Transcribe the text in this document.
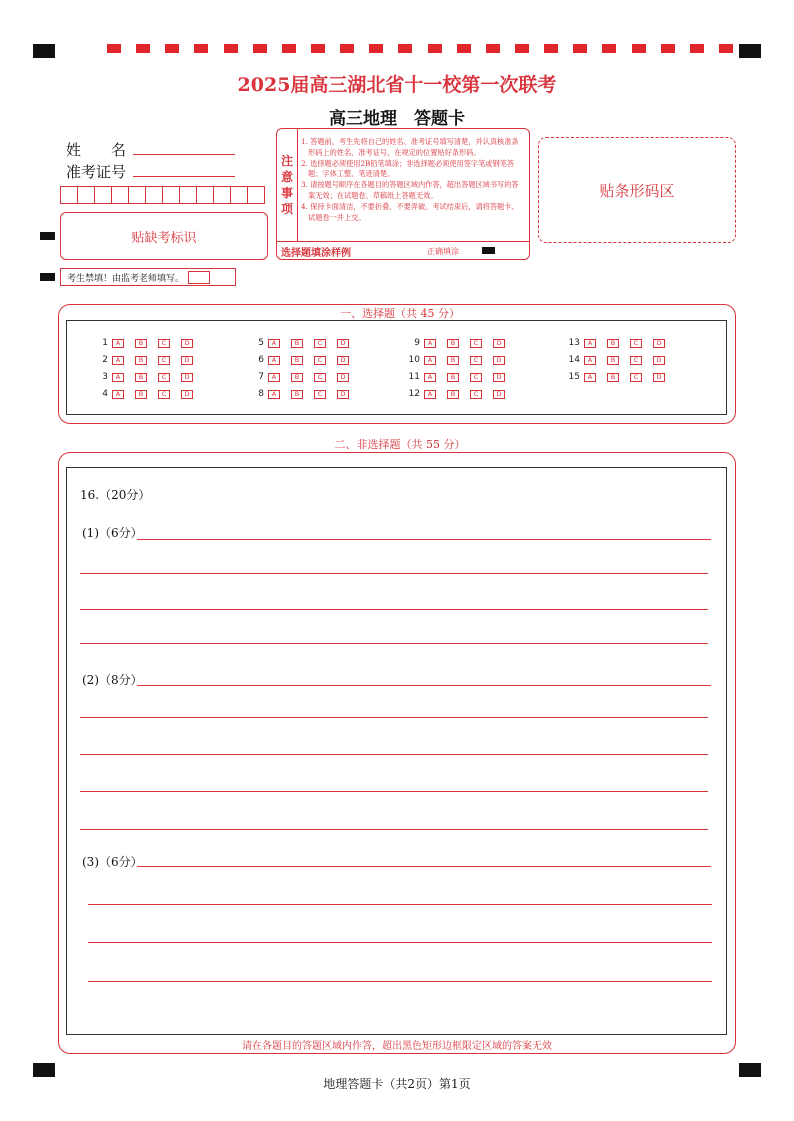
2025届高三湖北省十一校第一次联考
高三地理　答题卡
姓　　名
准考证号
贴缺考标识
考生禁填！由监考老师填写。
注
意
事
项

1. 答题前，考生先将自己的姓名、准考证号填写清楚，并认真核准条形码上的姓名、准考证号，在规定的位置贴好条形码。

2. 选择题必须使用2B铅笔填涂；非选择题必须使用签字笔或钢笔答题；字体工整、笔迹清楚。

3. 请按题号顺序在各题目的答题区域内作答，超出答题区域书写的答案无效；在试题卷、草稿纸上答题无效。

4. 保持卡面清洁，不要折叠、不要弄破。考试结束后，请将答题卡、试题卷一并上交。

选择题填涂样例	正确填涂
贴条形码区
一、选择题（共 45 分）
1	A	B	C	D
2	A	B	C	D
3	A	B	C	D
4	A	B	C	D
5	A	B	C	D
6	A	B	C	D
7	A	B	C	D
8	A	B	C	D
9	A	B	C	D
10	A	B	C	D
11	A	B	C	D
12	A	B	C	D
13	A	B	C	D
14	A	B	C	D
15	A	B	C	D
二、非选择题（共 55 分）
16.（20分）
(1)（6分）
(2)（8分）
(3)（6分）
请在各题目的答题区域内作答，超出黑色矩形边框限定区域的答案无效
地理答题卡（共2页）第1页
